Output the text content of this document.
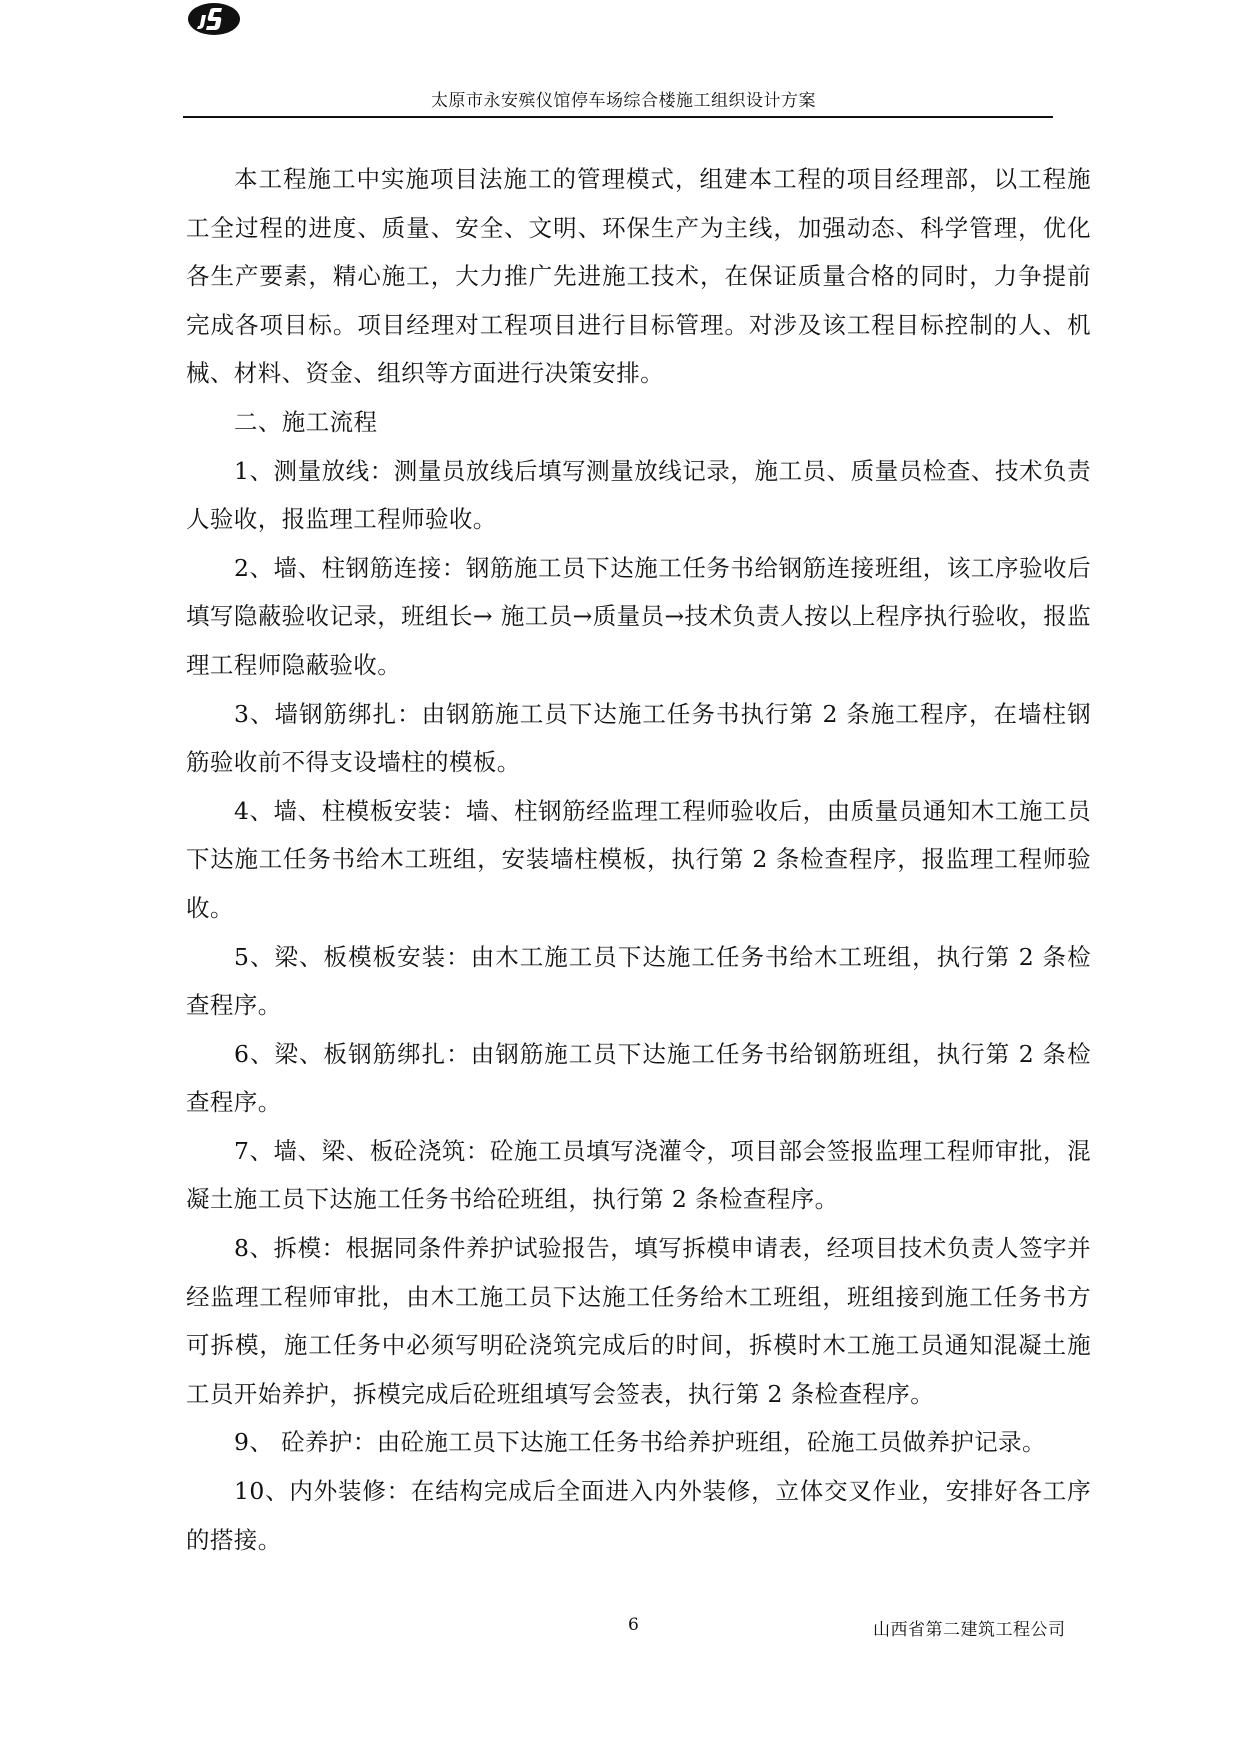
太原市永安殡仪馆停车场综合楼施工组织设计方案

本工程施工中实施项目法施工的管理模式，组建本工程的项目经理部，以工程施工全过程的进度、质量、安全、文明、环保生产为主线，加强动态、科学管理，优化各生产要素，精心施工，大力推广先进施工技术，在保证质量合格的同时，力争提前完成各项目标。项目经理对工程项目进行目标管理。对涉及该工程目标控制的人、机械、材料、资金、组织等方面进行决策安排。

二、施工流程

1、测量放线：测量员放线后填写测量放线记录，施工员、质量员检查、技术负责人验收，报监理工程师验收。

2、墙、柱钢筋连接：钢筋施工员下达施工任务书给钢筋连接班组，该工序验收后填写隐蔽验收记录，班组长→ 施工员→质量员→技术负责人按以上程序执行验收，报监理工程师隐蔽验收。

3、墙钢筋绑扎：由钢筋施工员下达施工任务书执行第 2 条施工程序，在墙柱钢筋验收前不得支设墙柱的模板。

4、墙、柱模板安装：墙、柱钢筋经监理工程师验收后，由质量员通知木工施工员下达施工任务书给木工班组，安装墙柱模板，执行第 2 条检查程序，报监理工程师验收。

5、梁、板模板安装：由木工施工员下达施工任务书给木工班组，执行第 2 条检查程序。

6、梁、板钢筋绑扎：由钢筋施工员下达施工任务书给钢筋班组，执行第 2 条检查程序。

7、墙、梁、板砼浇筑：砼施工员填写浇灌令，项目部会签报监理工程师审批，混凝土施工员下达施工任务书给砼班组，执行第 2 条检查程序。

8、拆模：根据同条件养护试验报告，填写拆模申请表，经项目技术负责人签字并经监理工程师审批，由木工施工员下达施工任务给木工班组，班组接到施工任务书方可拆模，施工任务中必须写明砼浇筑完成后的时间，拆模时木工施工员通知混凝土施工员开始养护，拆模完成后砼班组填写会签表，执行第 2 条检查程序。

9、 砼养护：由砼施工员下达施工任务书给养护班组，砼施工员做养护记录。

10、内外装修：在结构完成后全面进入内外装修，立体交叉作业，安排好各工序的搭接。

6	山西省第二建筑工程公司
